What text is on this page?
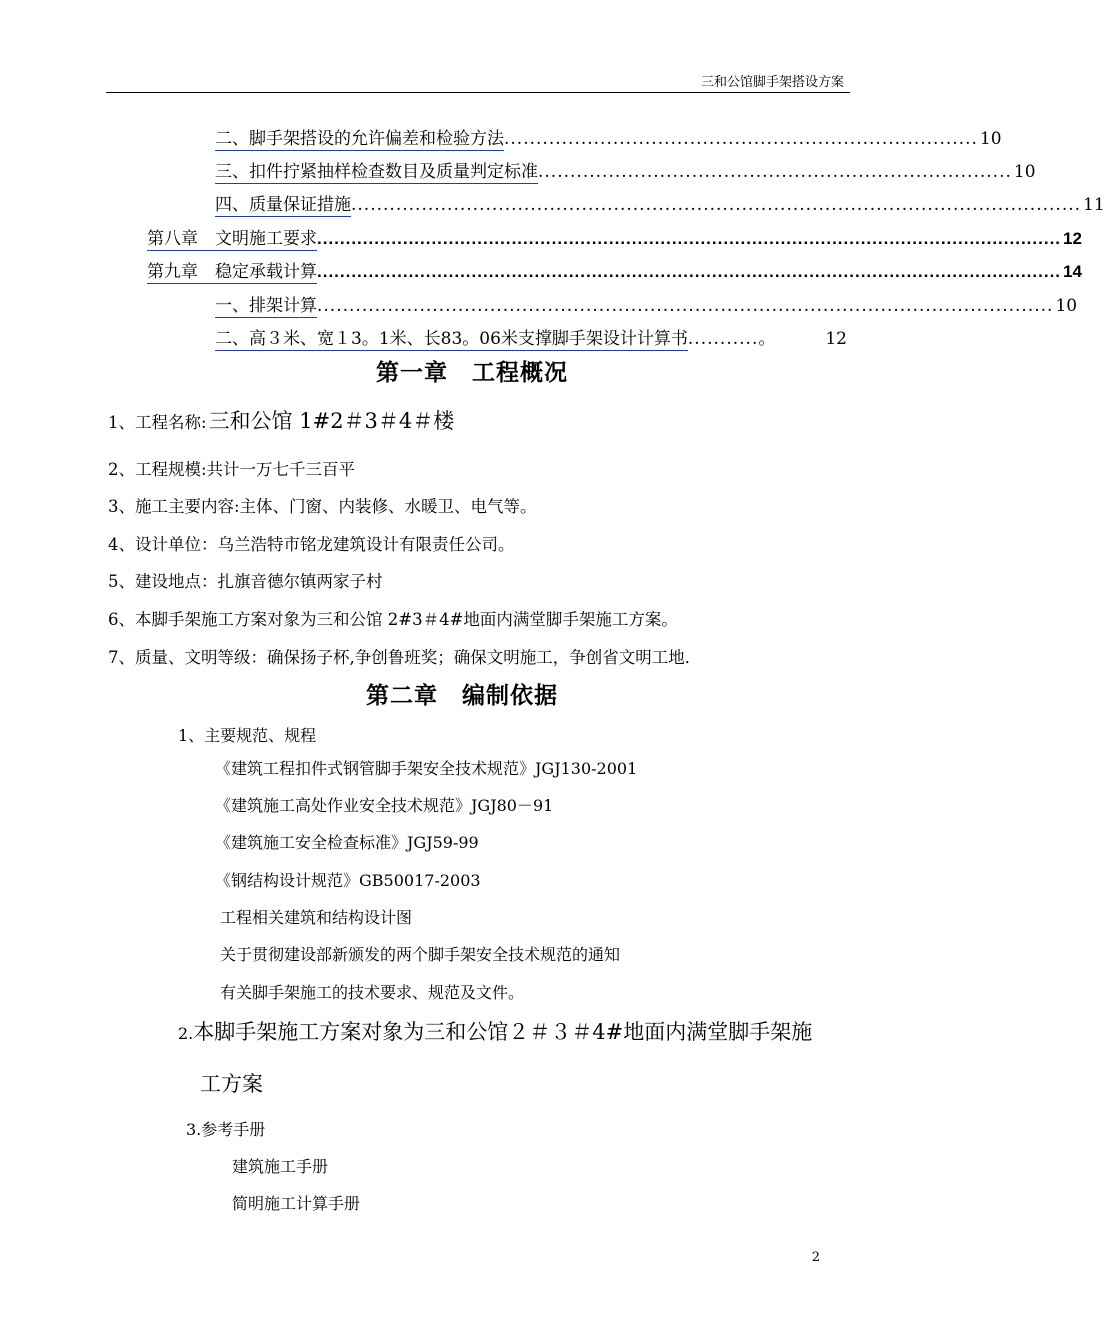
三和公馆脚手架搭设方案
二、脚手架搭设的允许偏差和检验方法 .......................................................................... 10
三、扣件拧紧抽样检查数目及质量判定标准 .......................................................................... 10
四、质量保证措施 .................................................................................................................. 11
第八章　文明施工要求 .................................................................................................................................. 12
第九章　稳定承载计算 .................................................................................................................................. 14
一、排架计算 ................................................................................................................... 10
二、高３米、宽１3。1米、长83。06米支撑脚手架设计计算书 ...........。	12
第一章　工程概况
1、工程名称:三和公馆 1#2＃3＃4＃楼
2、工程规模:共计一万七千三百平
3、施工主要内容:主体、门窗、内装修、水暖卫、电气等。
4、设计单位：乌兰浩特市铭龙建筑设计有限责任公司。
5、建设地点：扎旗音德尔镇两家子村
6、本脚手架施工方案对象为三和公馆 2#3＃4#地面内满堂脚手架施工方案。
7、质量、文明等级：确保扬子杯,争创鲁班奖；确保文明施工，争创省文明工地．
第二章　编制依据
1、主要规范、规程
《建筑工程扣件式钢管脚手架安全技术规范》JGJ130-2001
《建筑施工高处作业安全技术规范》JGJ80－91
《建筑施工安全检查标准》JGJ59-99
《钢结构设计规范》GB50017-2003
工程相关建筑和结构设计图
关于贯彻建设部新颁发的两个脚手架安全技术规范的通知
有关脚手架施工的技术要求、规范及文件。
2.本脚手架施工方案对象为三和公馆２＃３＃4#地面内满堂脚手架施
工方案
3.参考手册
建筑施工手册
简明施工计算手册
2
